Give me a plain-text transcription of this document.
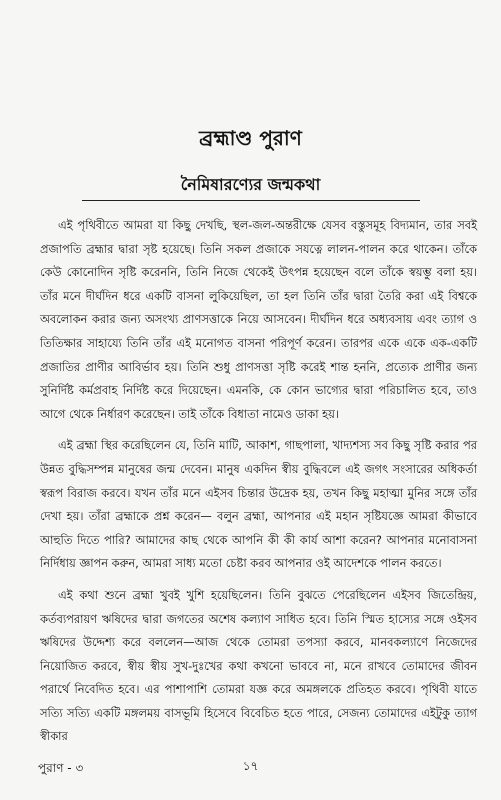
ব্রহ্মাণ্ড পুরাণ
নৈমিষারণ্যের জন্মকথা

এই পৃথিবীতে আমরা যা কিছু দেখছি, স্থল-জল-অন্তরীক্ষে যেসব বস্তুসমূহ বিদ্যমান, তার সবই প্রজাপতি ব্রহ্মার দ্বারা সৃষ্ট হয়েছে। তিনি সকল প্রজাকে সযত্নে লালন-পালন করে থাকেন। তাঁকে কেউ কোনোদিন সৃষ্টি করেননি, তিনি নিজে থেকেই উৎপন্ন হয়েছেন বলে তাঁকে স্বয়ম্ভু বলা হয়। তাঁর মনে দীর্ঘদিন ধরে একটি বাসনা লুকিয়েছিল, তা হল তিনি তাঁর দ্বারা তৈরি করা এই বিশ্বকে অবলোকন করার জন্য অসংখ্য প্রাণসত্তাকে নিয়ে আসবেন। দীর্ঘদিন ধরে অধ্যবসায় এবং ত্যাগ ও তিতিক্ষার সাহায্যে তিনি তাঁর এই মনোগত বাসনা পরিপূর্ণ করেন। তারপর একে একে এক-একটি প্রজাতির প্রাণীর আবির্ভাব হয়। তিনি শুধু প্রাণসত্তা সৃষ্টি করেই শান্ত হননি, প্রত্যেক প্রাণীর জন্য সুনির্দিষ্ট কর্মপ্রবাহ নির্দিষ্ট করে দিয়েছেন। এমনকি, কে কোন ভাগ্যের দ্বারা পরিচালিত হবে, তাও আগে থেকে নির্ধারণ করেছেন। তাই তাঁকে বিধাতা নামেও ডাকা হয়।

এই ব্রহ্মা স্থির করেছিলেন যে, তিনি মাটি, আকাশ, গাছপালা, খাদ্যশস্য সব কিছু সৃষ্টি করার পর উন্নত বুদ্ধিসম্পন্ন মানুষের জন্ম দেবেন। মানুষ একদিন স্বীয় বুদ্ধিবলে এই জগৎ সংসারের অধিকর্তা স্বরূপ বিরাজ করবে। যখন তাঁর মনে এইসব চিন্তার উদ্রেক হয়, তখন কিছু মহাত্মা মুনির সঙ্গে তাঁর দেখা হয়। তাঁরা ব্রহ্মাকে প্রশ্ন করেন— বলুন ব্রহ্মা, আপনার এই মহান সৃষ্টিযজ্ঞে আমরা কীভাবে আহুতি দিতে পারি? আমাদের কাছ থেকে আপনি কী কী কার্য আশা করেন? আপনার মনোবাসনা নির্দিধায় জ্ঞাপন করুন, আমরা সাধ্য মতো চেষ্টা করব আপনার ওই আদেশকে পালন করতে।

এই কথা শুনে ব্রহ্মা খুবই খুশি হয়েছিলেন। তিনি বুঝতে পেরেছিলেন এইসব জিতেন্দ্রিয়, কর্তব্যপরায়ণ ঋষিদের দ্বারা জগতের অশেষ কল্যাণ সাধিত হবে। তিনি স্মিত হাস্যের সঙ্গে ওইসব ঋষিদের উদ্দেশ্য করে বললেন—আজ থেকে তোমরা তপস্যা করবে, মানবকল্যাণে নিজেদের নিয়োজিত করবে, স্বীয় স্বীয় সুখ-দুঃখের কথা কখনো ভাববে না, মনে রাখবে তোমাদের জীবন পরার্থে নিবেদিত হবে। এর পাশাপাশি তোমরা যজ্ঞ করে অমঙ্গলকে প্রতিহত করবে। পৃথিবী যাতে সত্যি সত্যি একটি মঙ্গলময় বাসভূমি হিসেবে বিবেচিত হতে পারে, সেজন্য তোমাদের এইটুকু ত্যাগ স্বীকার

পুরাণ - ৩	১৭
